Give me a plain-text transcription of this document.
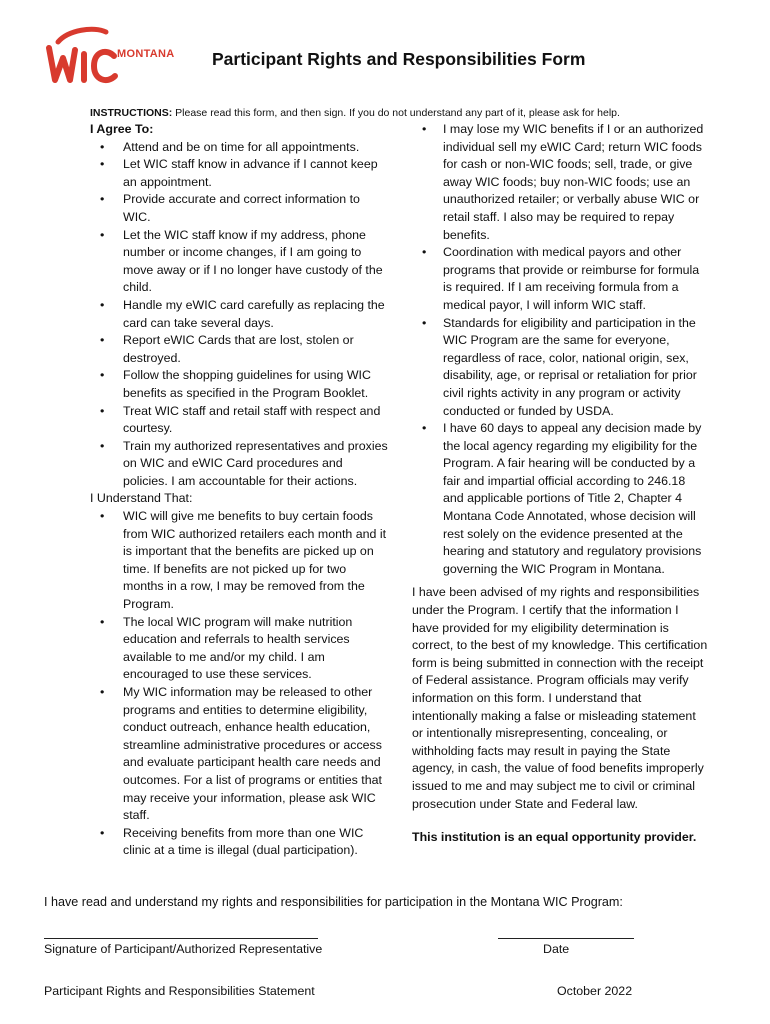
MONTANA Participant Rights and Responsibilities Form
INSTRUCTIONS: Please read this form, and then sign. If you do not understand any part of it, please ask for help.

I Agree To:

• Attend and be on time for all appointments.
• Let WIC staff know in advance if I cannot keep an appointment.
• Provide accurate and correct information to WIC.
• Let the WIC staff know if my address, phone number or income changes, if I am going to move away or if I no longer have custody of the child.
• Handle my eWIC card carefully as replacing the card can take several days.
• Report eWIC Cards that are lost, stolen or destroyed.
• Follow the shopping guidelines for using WIC benefits as specified in the Program Booklet.
• Treat WIC staff and retail staff with respect and courtesy.
• Train my authorized representatives and proxies on WIC and eWIC Card procedures and policies. I am accountable for their actions.

I Understand That:

• WIC will give me benefits to buy certain foods from WIC authorized retailers each month and it is important that the benefits are picked up on time. If benefits are not picked up for two months in a row, I may be removed from the Program.
• The local WIC program will make nutrition education and referrals to health services available to me and/or my child. I am encouraged to use these services.
• My WIC information may be released to other programs and entities to determine eligibility, conduct outreach, enhance health education, streamline administrative procedures or access and evaluate participant health care needs and outcomes. For a list of programs or entities that may receive your information, please ask WIC staff.
• Receiving benefits from more than one WIC clinic at a time is illegal (dual participation).
• I may lose my WIC benefits if I or an authorized individual sell my eWIC Card; return WIC foods for cash or non-WIC foods; sell, trade, or give away WIC foods; buy non-WIC foods; use an unauthorized retailer; or verbally abuse WIC or retail staff. I also may be required to repay benefits.
• Coordination with medical payors and other programs that provide or reimburse for formula is required. If I am receiving formula from a medical payor, I will inform WIC staff.
• Standards for eligibility and participation in the WIC Program are the same for everyone, regardless of race, color, national origin, sex, disability, age, or reprisal or retaliation for prior civil rights activity in any program or activity conducted or funded by USDA.
• I have 60 days to appeal any decision made by the local agency regarding my eligibility for the Program. A fair hearing will be conducted by a fair and impartial official according to 246.18 and applicable portions of Title 2, Chapter 4 Montana Code Annotated, whose decision will rest solely on the evidence presented at the hearing and statutory and regulatory provisions governing the WIC Program in Montana.

I have been advised of my rights and responsibilities under the Program. I certify that the information I have provided for my eligibility determination is correct, to the best of my knowledge. This certification form is being submitted in connection with the receipt of Federal assistance. Program officials may verify information on this form. I understand that intentionally making a false or misleading statement or intentionally misrepresenting, concealing, or withholding facts may result in paying the State agency, in cash, the value of food benefits improperly issued to me and may subject me to civil or criminal prosecution under State and Federal law.

This institution is an equal opportunity provider.

I have read and understand my rights and responsibilities for participation in the Montana WIC Program:
Signature of Participant/Authorized Representative	Date
Participant Rights and Responsibilities Statement	October 2022
